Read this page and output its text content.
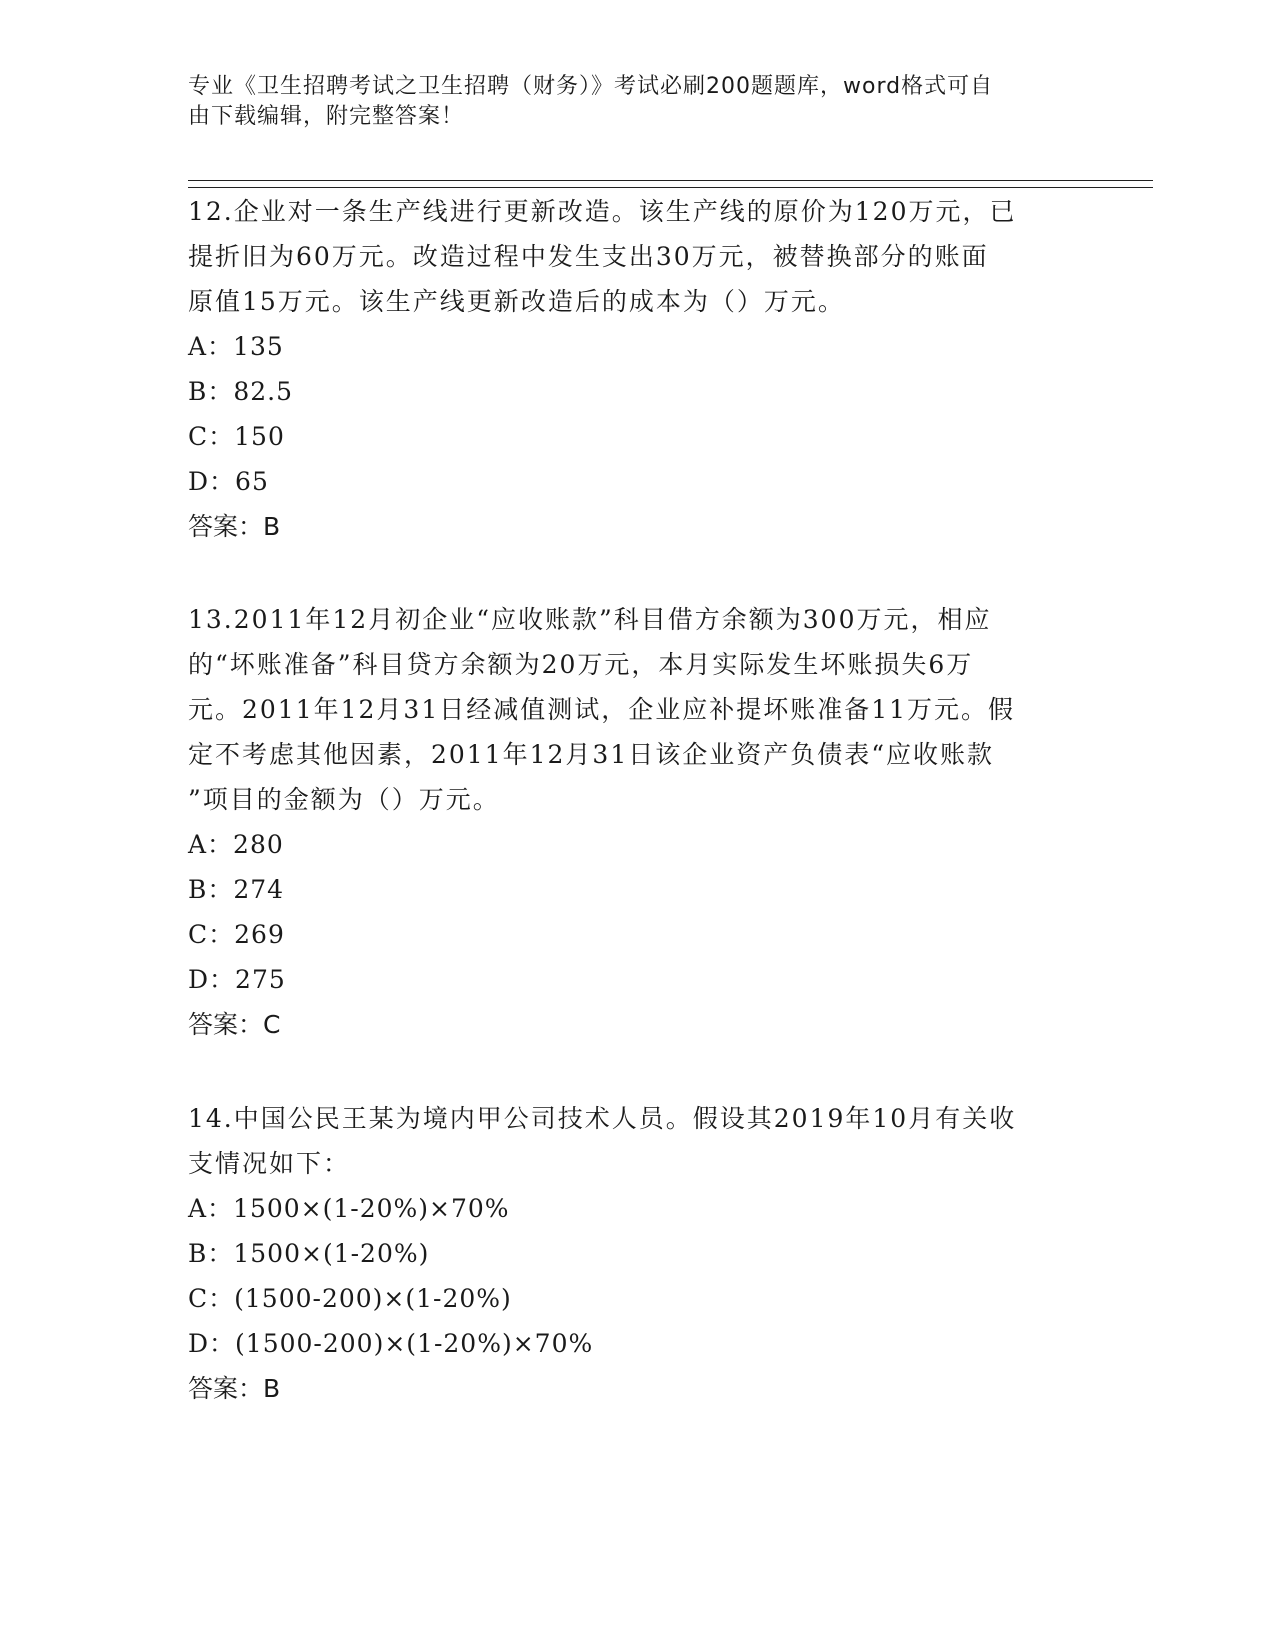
专业《卫生招聘考试之卫生招聘（财务）》考试必刷200题题库，word格式可自
由下载编辑，附完整答案！

12.企业对一条生产线进行更新改造。该生产线的原价为120万元，已

提折旧为60万元。改造过程中发生支出30万元，被替换部分的账面

原值15万元。该生产线更新改造后的成本为（）万元。

A：135

B：82.5

C：150

D：65

答案：B

13.2011年12月初企业“应收账款”科目借方余额为300万元，相应

的“坏账准备”科目贷方余额为20万元，本月实际发生坏账损失6万

元。2011年12月31日经减值测试，企业应补提坏账准备11万元。假

定不考虑其他因素，2011年12月31日该企业资产负债表“应收账款

”项目的金额为（）万元。

A：280

B：274

C：269

D：275

答案：C

14.中国公民王某为境内甲公司技术人员。假设其2019年10月有关收

支情况如下：

A：1500×(1-20%)×70%

B：1500×(1-20%)

C：(1500-200)×(1-20%)

D：(1500-200)×(1-20%)×70%

答案：B
